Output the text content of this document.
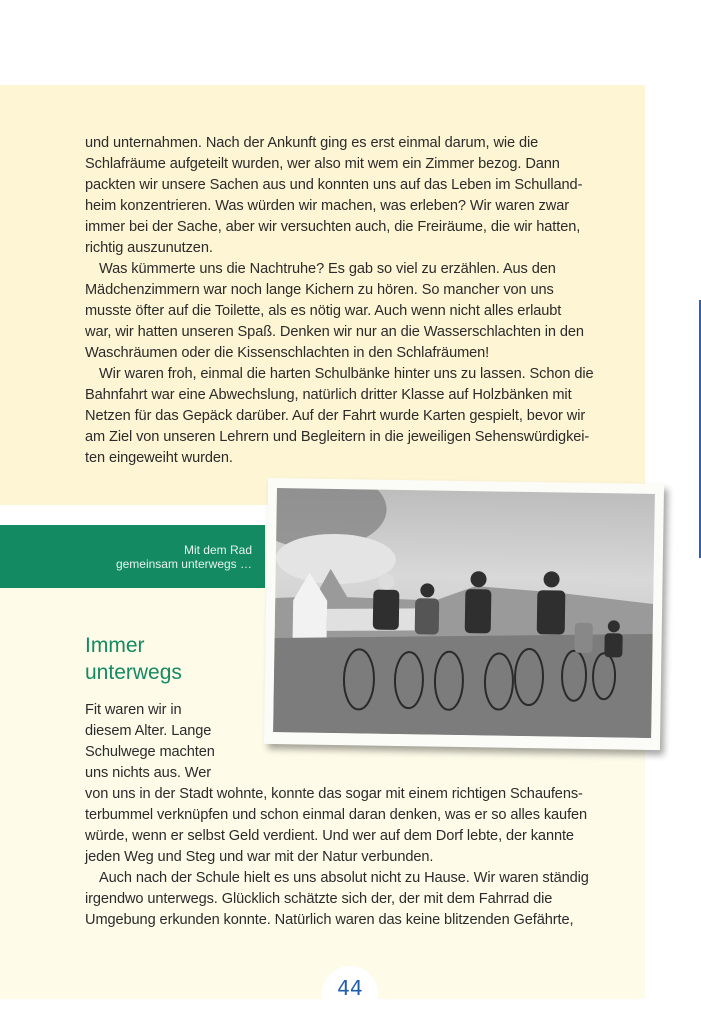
und unternahmen. Nach der Ankunft ging es erst einmal darum, wie die
Schlafräume aufgeteilt wurden, wer also mit wem ein Zimmer bezog. Dann
packten wir unsere Sachen aus und konnten uns auf das Leben im Schulland-
heim konzentrieren. Was würden wir machen, was erleben? Wir waren zwar
immer bei der Sache, aber wir versuchten auch, die Freiräume, die wir hatten,
richtig auszunutzen.
Was kümmerte uns die Nachtruhe? Es gab so viel zu erzählen. Aus den
Mädchenzimmern war noch lange Kichern zu hören. So mancher von uns
musste öfter auf die Toilette, als es nötig war. Auch wenn nicht alles erlaubt
war, wir hatten unseren Spaß. Denken wir nur an die Wasserschlachten in den
Waschräumen oder die Kissenschlachten in den Schlafräumen!
Wir waren froh, einmal die harten Schulbänke hinter uns zu lassen. Schon die
Bahnfahrt war eine Abwechslung, natürlich dritter Klasse auf Holzbänken mit
Netzen für das Gepäck darüber. Auf der Fahrt wurde Karten gespielt, bevor wir
am Ziel von unseren Lehrern und Begleitern in die jeweiligen Sehenswürdigkei-
ten eingeweiht wurden.
Mit dem Rad
gemeinsam unterwegs …
Immer
unterwegs
Fit waren wir in
diesem Alter. Lange
Schulwege machten
uns nichts aus. Wer
von uns in der Stadt wohnte, konnte das sogar mit einem richtigen Schaufens-
terbummel verknüpfen und schon einmal daran denken, was er so alles kaufen
würde, wenn er selbst Geld verdient. Und wer auf dem Dorf lebte, der kannte
jeden Weg und Steg und war mit der Natur verbunden.
Auch nach der Schule hielt es uns absolut nicht zu Hause. Wir waren ständig
irgendwo unterwegs. Glücklich schätzte sich der, der mit dem Fahrrad die
Umgebung erkunden konnte. Natürlich waren das keine blitzenden Gefährte,
44
